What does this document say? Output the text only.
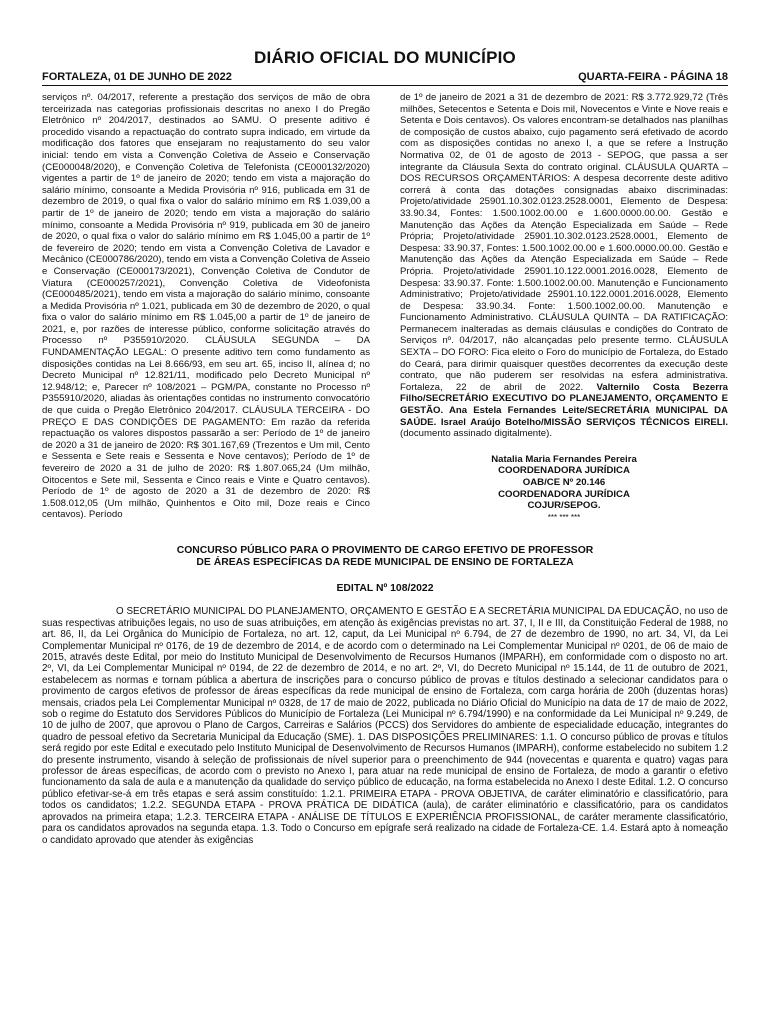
DIÁRIO OFICIAL DO MUNICÍPIO
FORTALEZA, 01 DE JUNHO DE 2022	QUARTA-FEIRA - PÁGINA 18

serviços nº. 04/2017, referente a prestação dos serviços de mão de obra terceirizada nas categorias profissionais descritas no anexo I do Pregão Eletrônico nº 204/2017, destinados ao SAMU. O presente aditivo é procedido visando a repactuação do contrato supra indicado, em virtude da modificação dos fatores que ensejaram no reajustamento do seu valor inicial: tendo em vista a Convenção Coletiva de Asseio e Conservação (CE000048/2020), e Convenção Coletiva de Telefonista (CE000132/2020) vigentes a partir de 1º de janeiro de 2020; tendo em vista a majoração do salário mínimo, consoante a Medida Provisória nº 916, publicada em 31 de dezembro de 2019, o qual fixa o valor do salário mínimo em R$ 1.039,00 a partir de 1º de janeiro de 2020; tendo em vista a majoração do salário mínimo, consoante a Medida Provisória nº 919, publicada em 30 de janeiro de 2020, o qual fixa o valor do salário mínimo em R$ 1.045,00 a partir de 1º de fevereiro de 2020; tendo em vista a Convenção Coletiva de Lavador e Mecânico (CE000786/2020), tendo em vista a Convenção Coletiva de Asseio e Conservação (CE000173/2021), Convenção Coletiva de Condutor de Viatura (CE000257/2021), Convenção Coletiva de Videofonista (CE000485/2021), tendo em vista a majoração do salário mínimo, consoante a Medida Provisória nº 1.021, publicada em 30 de dezembro de 2020, o qual fixa o valor do salário mínimo em R$ 1.045,00 a partir de 1º de janeiro de 2021, e, por razões de interesse público, conforme solicitação através do Processo nº P355910/2020. CLÁUSULA SEGUNDA – DA FUNDAMENTAÇÃO LEGAL: O presente aditivo tem como fundamento as disposições contidas na Lei 8.666/93, em seu art. 65, inciso II, alínea d; no Decreto Municipal nº 12.821/11, modificado pelo Decreto Municipal nº 12.948/12; e, Parecer nº 108/2021 – PGM/PA, constante no Processo nº P355910/2020, aliadas às orientações contidas no instrumento convocatório de que cuida o Pregão Eletrônico 204/2017. CLÁUSULA TERCEIRA - DO PREÇO E DAS CONDIÇÕES DE PAGAMENTO: Em razão da referida repactuação os valores dispostos passarão a ser: Período de 1º de janeiro de 2020 a 31 de janeiro de 2020: R$ 301.167,69 (Trezentos e Um mil, Cento e Sessenta e Sete reais e Sessenta e Nove centavos); Período de 1º de fevereiro de 2020 a 31 de julho de 2020: R$ 1.807.065,24 (Um milhão, Oitocentos e Sete mil, Sessenta e Cinco reais e Vinte e Quatro centavos). Período de 1º de agosto de 2020 a 31 de dezembro de 2020: R$ 1.508.012,05 (Um milhão, Quinhentos e Oito mil, Doze reais e Cinco centavos). Período

de 1º de janeiro de 2021 a 31 de dezembro de 2021: R$ 3.772.929,72 (Três milhões, Setecentos e Setenta e Dois mil, Novecentos e Vinte e Nove reais e Setenta e Dois centavos). Os valores encontram-se detalhados nas planilhas de composição de custos abaixo, cujo pagamento será efetivado de acordo com as disposições contidas no anexo I, a que se refere a Instrução Normativa 02, de 01 de agosto de 2013 - SEPOG, que passa a ser integrante da Cláusula Sexta do contrato original. CLÁUSULA QUARTA – DOS RECURSOS ORÇAMENTÁRIOS: A despesa decorrente deste aditivo correrá à conta das dotações consignadas abaixo discriminadas: Projeto/atividade 25901.10.302.0123.2528.0001, Elemento de Despesa: 33.90.34, Fontes: 1.500.1002.00.00 e 1.600.0000.00.00. Gestão e Manutenção das Ações da Atenção Especializada em Saúde – Rede Própria; Projeto/atividade 25901.10.302.0123.2528.0001, Elemento de Despesa: 33.90.37, Fontes: 1.500.1002.00.00 e 1.600.0000.00.00. Gestão e Manutenção das Ações da Atenção Especializada em Saúde – Rede Própria. Projeto/atividade 25901.10.122.0001.2016.0028, Elemento de Despesa: 33.90.37. Fonte: 1.500.1002.00.00. Manutenção e Funcionamento Administrativo; Projeto/atividade 25901.10.122.0001.2016.0028, Elemento de Despesa: 33.90.34. Fonte: 1.500.1002.00.00. Manutenção e Funcionamento Administrativo. CLÁUSULA QUINTA – DA RATIFICAÇÃO: Permanecem inalteradas as demais cláusulas e condições do Contrato de Serviços nº. 04/2017, não alcançadas pelo presente termo. CLÁUSULA SEXTA – DO FORO: Fica eleito o Foro do município de Fortaleza, do Estado do Ceará, para dirimir quaisquer questões decorrentes da execução deste contrato, que não puderem ser resolvidas na esfera administrativa. Fortaleza, 22 de abril de 2022. Valternilo Costa Bezerra Filho/SECRETÁRIO EXECUTIVO DO PLANEJAMENTO, ORÇAMENTO E GESTÃO. Ana Estela Fernandes Leite/SECRETÁRIA MUNICIPAL DA SAÚDE. Israel Araújo Botelho/MISSÃO SERVIÇOS TÉCNICOS EIRELI. (documento assinado digitalmente).

Natalia Maria Fernandes Pereira
COORDENADORA JURÍDICA
OAB/CE Nº 20.146
COORDENADORA JURÍDICA
COJUR/SEPOG.
*** *** ***
CONCURSO PÚBLICO PARA O PROVIMENTO DE CARGO EFETIVO DE PROFESSOR
DE ÁREAS ESPECÍFICAS DA REDE MUNICIPAL DE ENSINO DE FORTALEZA
EDITAL Nº 108/2022

O SECRETÁRIO MUNICIPAL DO PLANEJAMENTO, ORÇAMENTO E GESTÃO E A SECRETÁRIA MUNICIPAL DA EDUCAÇÃO, no uso de suas respectivas atribuições legais, no uso de suas atribuições, em atenção às exigências previstas no art. 37, I, II e III, da Constituição Federal de 1988, no art. 86, II, da Lei Orgânica do Município de Fortaleza, no art. 12, caput, da Lei Municipal nº 6.794, de 27 de dezembro de 1990, no art. 34, VI, da Lei Complementar Municipal nº 0176, de 19 de dezembro de 2014, e de acordo com o determinado na Lei Complementar Municipal nº 0201, de 06 de maio de 2015, através deste Edital, por meio do Instituto Municipal de Desenvolvimento de Recursos Humanos (IMPARH), em conformidade com o disposto no art. 2º, VI, da Lei Complementar Municipal nº 0194, de 22 de dezembro de 2014, e no art. 2º, VI, do Decreto Municipal nº 15.144, de 11 de outubro de 2021, estabelecem as normas e tornam pública a abertura de inscrições para o concurso público de provas e títulos destinado a selecionar candidatos para o provimento de cargos efetivos de professor de áreas específicas da rede municipal de ensino de Fortaleza, com carga horária de 200h (duzentas horas) mensais, criados pela Lei Complementar Municipal nº 0328, de 17 de maio de 2022, publicada no Diário Oficial do Município na data de 17 de maio de 2022, sob o regime do Estatuto dos Servidores Públicos do Município de Fortaleza (Lei Municipal nº 6.794/1990) e na conformidade da Lei Municipal nº 9.249, de 10 de julho de 2007, que aprovou o Plano de Cargos, Carreiras e Salários (PCCS) dos Servidores do ambiente de especialidade educação, integrantes do quadro de pessoal efetivo da Secretaria Municipal da Educação (SME). 1. DAS DISPOSIÇÕES PRELIMINARES: 1.1. O concurso público de provas e títulos será regido por este Edital e executado pelo Instituto Municipal de Desenvolvimento de Recursos Humanos (IMPARH), conforme estabelecido no subitem 1.2 do presente instrumento, visando à seleção de profissionais de nível superior para o preenchimento de 944 (novecentas e quarenta e quatro) vagas para professor de áreas específicas, de acordo com o previsto no Anexo I, para atuar na rede municipal de ensino de Fortaleza, de modo a garantir o efetivo funcionamento da sala de aula e a manutenção da qualidade do serviço público de educação, na forma estabelecida no Anexo I deste Edital. 1.2. O concurso público efetivar-se-á em três etapas e será assim constituído: 1.2.1. PRIMEIRA ETAPA - PROVA OBJETIVA, de caráter eliminatório e classificatório, para todos os candidatos; 1.2.2. SEGUNDA ETAPA - PROVA PRÁTICA DE DIDÁTICA (aula), de caráter eliminatório e classificatório, para os candidatos aprovados na primeira etapa; 1.2.3. TERCEIRA ETAPA - ANÁLISE DE TÍTULOS E EXPERIÊNCIA PROFISSIONAL, de caráter meramente classificatório, para os candidatos aprovados na segunda etapa. 1.3. Todo o Concurso em epígrafe será realizado na cidade de Fortaleza-CE. 1.4. Estará apto à nomeação o candidato aprovado que atender às exigências
